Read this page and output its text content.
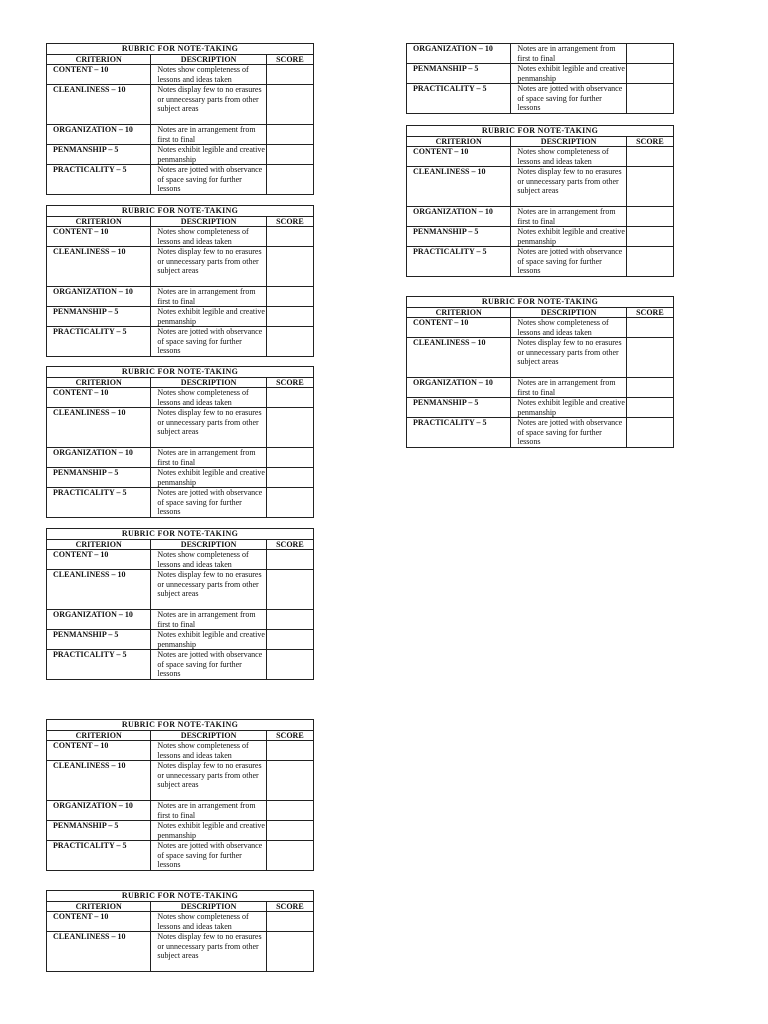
RUBRIC FOR NOTE-TAKING		
CRITERION	DESCRIPTION	SCORE
CONTENT – 10	Notes show completeness of lessons and ideas taken	
CLEANLINESS – 10	Notes display few to no erasures or unnecessary parts from other subject areas	
ORGANIZATION – 10	Notes are in arrangement from first to final	
PENMANSHIP – 5	Notes exhibit legible and creative penmanship	
PRACTICALITY – 5	Notes are jotted with observance of space saving for further lessons	
RUBRIC FOR NOTE-TAKING		
CRITERION	DESCRIPTION	SCORE
CONTENT – 10	Notes show completeness of lessons and ideas taken	
CLEANLINESS – 10	Notes display few to no erasures or unnecessary parts from other subject areas	
ORGANIZATION – 10	Notes are in arrangement from first to final	
PENMANSHIP – 5	Notes exhibit legible and creative penmanship	
PRACTICALITY – 5	Notes are jotted with observance of space saving for further lessons	
RUBRIC FOR NOTE-TAKING		
CRITERION	DESCRIPTION	SCORE
CONTENT – 10	Notes show completeness of lessons and ideas taken	
CLEANLINESS – 10	Notes display few to no erasures or unnecessary parts from other subject areas	
ORGANIZATION – 10	Notes are in arrangement from first to final	
PENMANSHIP – 5	Notes exhibit legible and creative penmanship	
PRACTICALITY – 5	Notes are jotted with observance of space saving for further lessons	
RUBRIC FOR NOTE-TAKING		
CRITERION	DESCRIPTION	SCORE
CONTENT – 10	Notes show completeness of lessons and ideas taken	
CLEANLINESS – 10	Notes display few to no erasures or unnecessary parts from other subject areas	
ORGANIZATION – 10	Notes are in arrangement from first to final	
PENMANSHIP – 5	Notes exhibit legible and creative penmanship	
PRACTICALITY – 5	Notes are jotted with observance of space saving for further lessons	
RUBRIC FOR NOTE-TAKING		
CRITERION	DESCRIPTION	SCORE
CONTENT – 10	Notes show completeness of lessons and ideas taken	
CLEANLINESS – 10	Notes display few to no erasures or unnecessary parts from other subject areas	
ORGANIZATION – 10	Notes are in arrangement from first to final	
PENMANSHIP – 5	Notes exhibit legible and creative penmanship	
PRACTICALITY – 5	Notes are jotted with observance of space saving for further lessons	
RUBRIC FOR NOTE-TAKING		
CRITERION	DESCRIPTION	SCORE
CONTENT – 10	Notes show completeness of lessons and ideas taken	
CLEANLINESS – 10	Notes display few to no erasures or unnecessary parts from other subject areas	
ORGANIZATION – 10	Notes are in arrangement from first to final	
PENMANSHIP – 5	Notes exhibit legible and creative penmanship	
PRACTICALITY – 5	Notes are jotted with observance of space saving for further lessons	
RUBRIC FOR NOTE-TAKING		
CRITERION	DESCRIPTION	SCORE
CONTENT – 10	Notes show completeness of lessons and ideas taken	
CLEANLINESS – 10	Notes display few to no erasures or unnecessary parts from other subject areas	
ORGANIZATION – 10	Notes are in arrangement from first to final	
PENMANSHIP – 5	Notes exhibit legible and creative penmanship	
PRACTICALITY – 5	Notes are jotted with observance of space saving for further lessons	
RUBRIC FOR NOTE-TAKING		
CRITERION	DESCRIPTION	SCORE
CONTENT – 10	Notes show completeness of lessons and ideas taken	
CLEANLINESS – 10	Notes display few to no erasures or unnecessary parts from other subject areas	
ORGANIZATION – 10	Notes are in arrangement from first to final	
PENMANSHIP – 5	Notes exhibit legible and creative penmanship	
PRACTICALITY – 5	Notes are jotted with observance of space saving for further lessons	
